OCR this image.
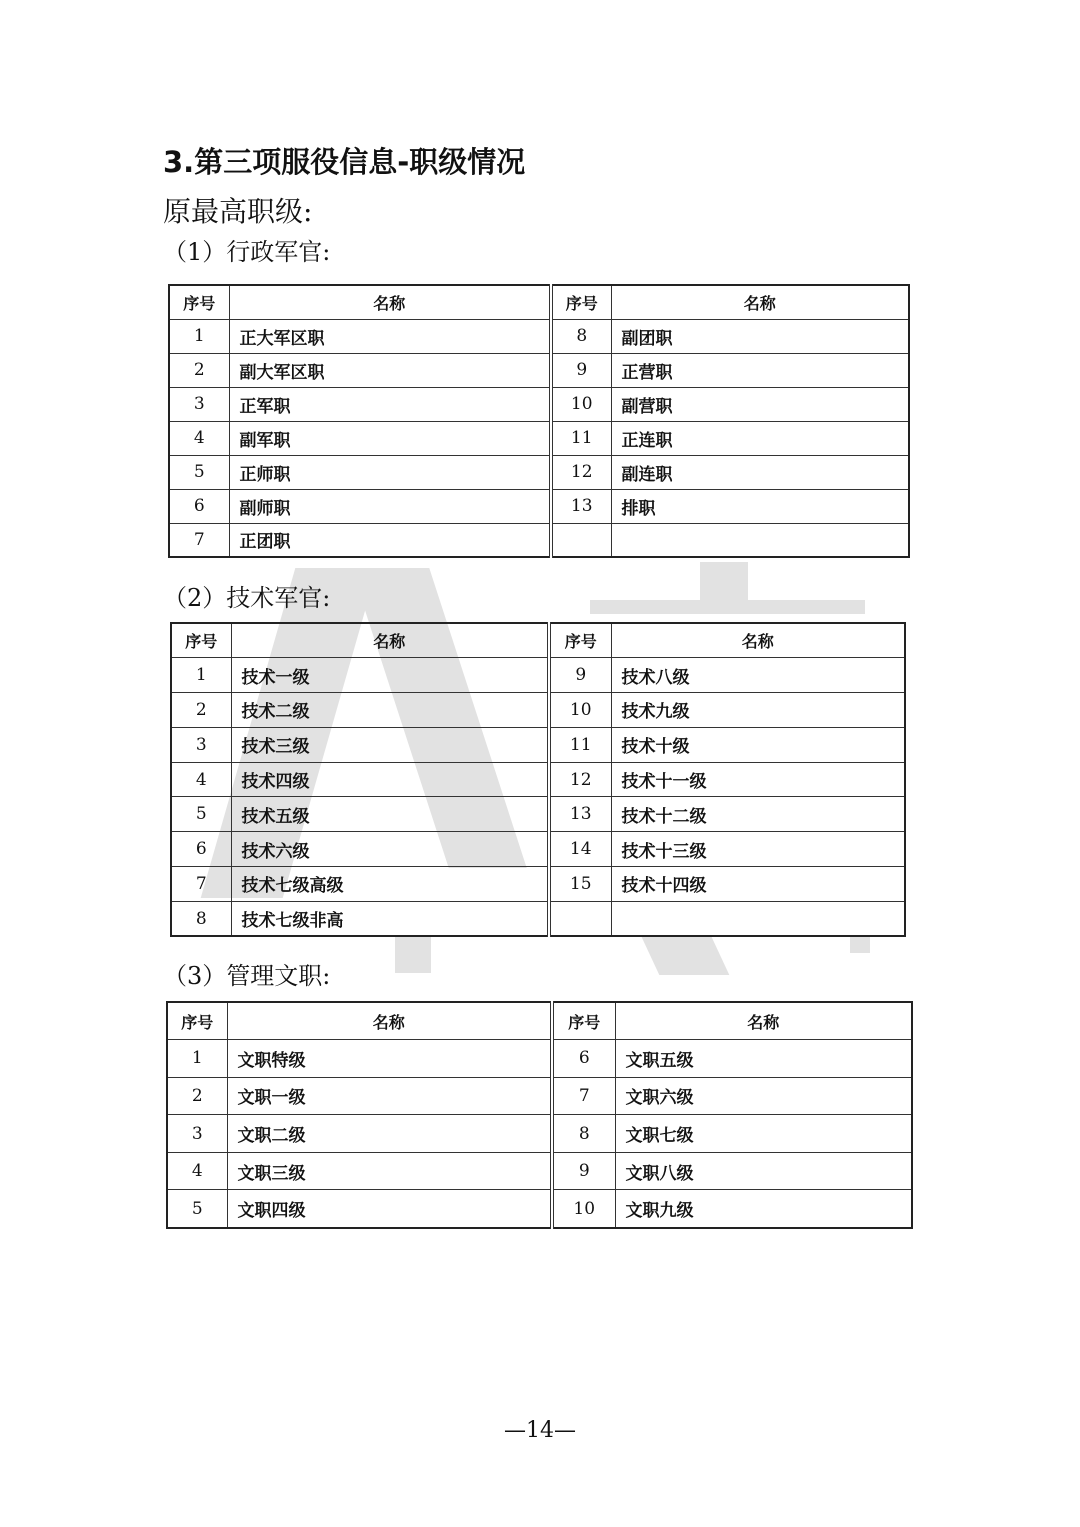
3.第三项服役信息-职级情况
原最高职级:
（1）行政军官:
序号	名称	序号	名称
1	正大军区职	8	副团职
2	副大军区职	9	正营职
3	正军职	10	副营职
4	副军职	11	正连职
5	正师职	12	副连职
6	副师职	13	排职
7	正团职		
（2）技术军官:
序号	名称	序号	名称
1	技术一级	9	技术八级
2	技术二级	10	技术九级
3	技术三级	11	技术十级
4	技术四级	12	技术十一级
5	技术五级	13	技术十二级
6	技术六级	14	技术十三级
7	技术七级高级	15	技术十四级
8	技术七级非高		
（3）管理文职:
序号	名称	序号	名称
1	文职特级	6	文职五级
2	文职一级	7	文职六级
3	文职二级	8	文职七级
4	文职三级	9	文职八级
5	文职四级	10	文职九级
—14—
